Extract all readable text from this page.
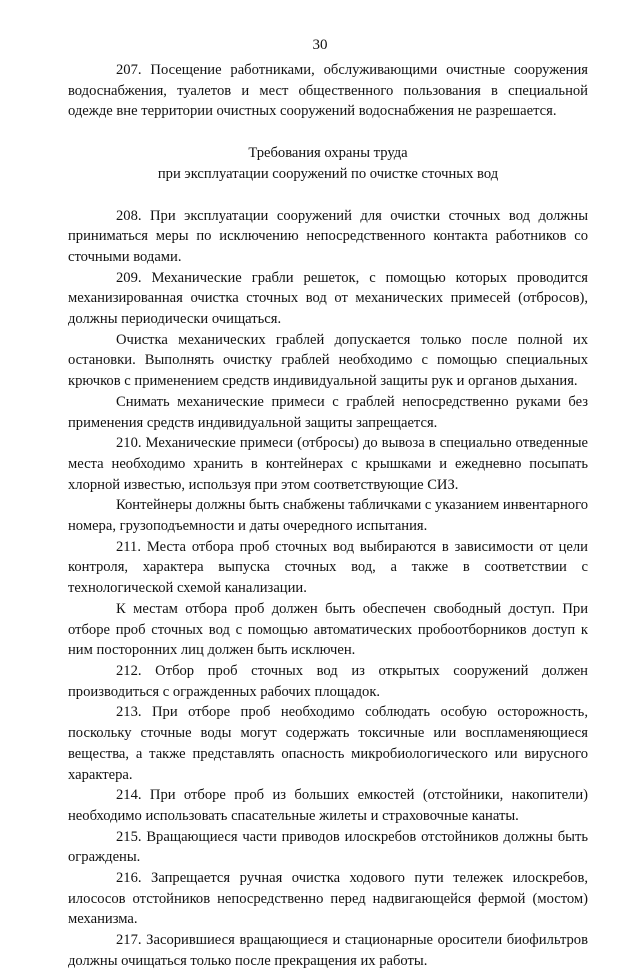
30

207. Посещение работниками, обслуживающими очистные сооружения водоснабжения, туалетов и мест общественного пользования в специальной одежде вне территории очистных сооружений водоснабжения не разрешается.

Требования охраны труда
при эксплуатации сооружений по очистке сточных вод

208. При эксплуатации сооружений для очистки сточных вод должны приниматься меры по исключению непосредственного контакта работников со сточными водами.

209. Механические грабли решеток, с помощью которых проводится механизированная очистка сточных вод от механических примесей (отбросов), должны периодически очищаться.

Очистка механических граблей допускается только после полной их остановки. Выполнять очистку граблей необходимо с помощью специальных крючков с применением средств индивидуальной защиты рук и органов дыхания.

Снимать механические примеси с граблей непосредственно руками без применения средств индивидуальной защиты запрещается.

210. Механические примеси (отбросы) до вывоза в специально отведенные места необходимо хранить в контейнерах с крышками и ежедневно посыпать хлорной известью, используя при этом соответствующие СИЗ.

Контейнеры должны быть снабжены табличками с указанием инвентарного номера, грузоподъемности и даты очередного испытания.

211. Места отбора проб сточных вод выбираются в зависимости от цели контроля, характера выпуска сточных вод, а также в соответствии с технологической схемой канализации.

К местам отбора проб должен быть обеспечен свободный доступ. При отборе проб сточных вод с помощью автоматических пробоотборников доступ к ним посторонних лиц должен быть исключен.

212. Отбор проб сточных вод из открытых сооружений должен производиться с огражденных рабочих площадок.

213. При отборе проб необходимо соблюдать особую осторожность, поскольку сточные воды могут содержать токсичные или воспламеняющиеся вещества, а также представлять опасность микробиологического или вирусного характера.

214. При отборе проб из больших емкостей (отстойники, накопители) необходимо использовать спасательные жилеты и страховочные канаты.

215. Вращающиеся части приводов илоскребов отстойников должны быть ограждены.

216. Запрещается ручная очистка ходового пути тележек илоскребов, илососов отстойников непосредственно перед надвигающейся фермой (мостом) механизма.

217. Засорившиеся вращающиеся и стационарные оросители биофильтров должны очищаться только после прекращения их работы.
